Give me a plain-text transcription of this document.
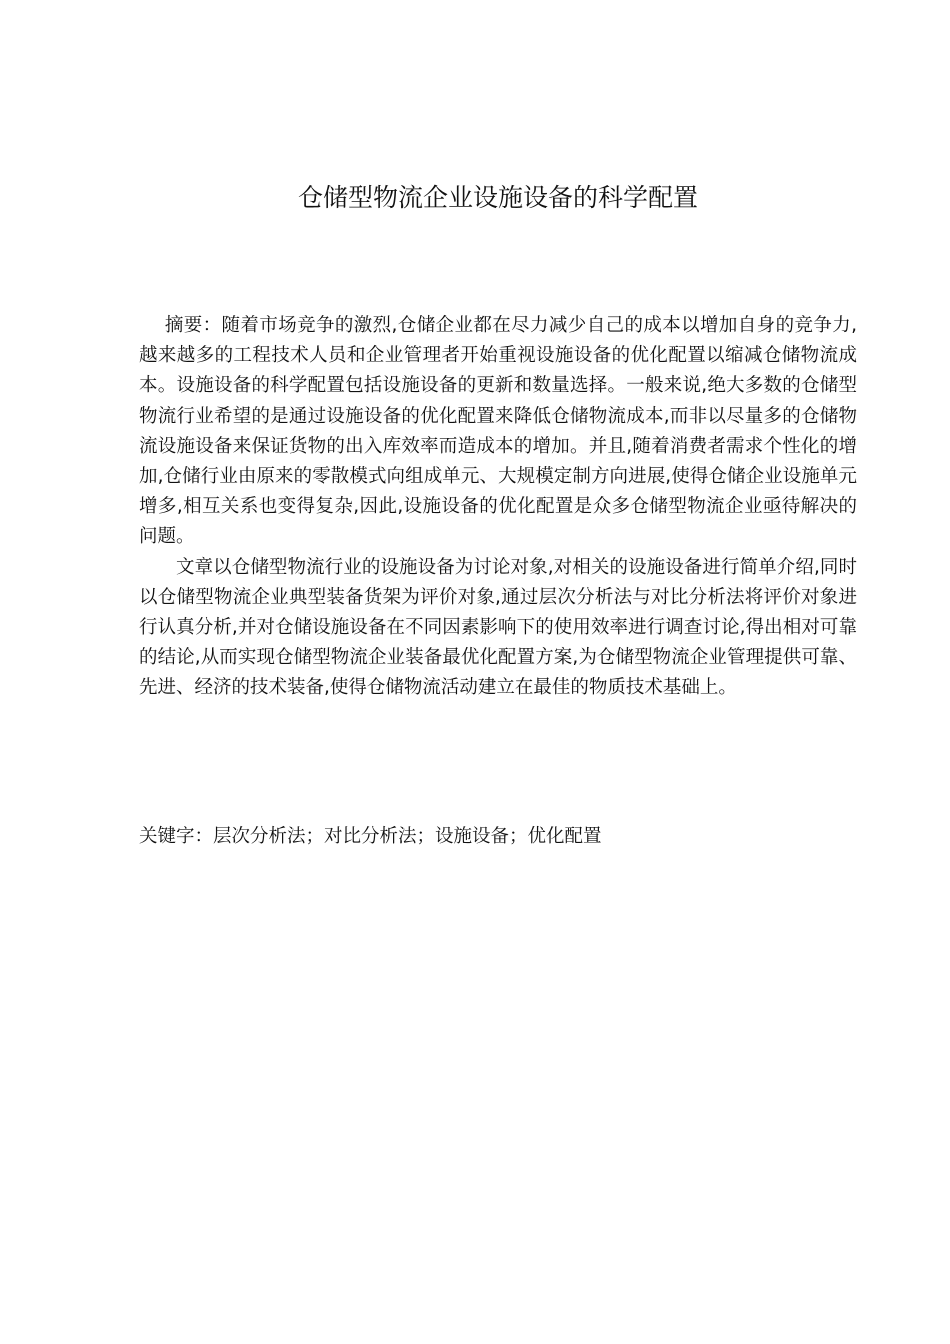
仓储型物流企业设施设备的科学配置

摘要：随着市场竞争的激烈,仓储企业都在尽力减少自己的成本以增加自身的竞争力,越来越多的工程技术人员和企业管理者开始重视设施设备的优化配置以缩减仓储物流成本。设施设备的科学配置包括设施设备的更新和数量选择。一般来说,绝大多数的仓储型物流行业希望的是通过设施设备的优化配置来降低仓储物流成本,而非以尽量多的仓储物流设施设备来保证货物的出入库效率而造成本的增加。并且,随着消费者需求个性化的增加,仓储行业由原来的零散模式向组成单元、大规模定制方向进展,使得仓储企业设施单元增多,相互关系也变得复杂,因此,设施设备的优化配置是众多仓储型物流企业亟待解决的问题。

文章以仓储型物流行业的设施设备为讨论对象,对相关的设施设备进行简单介绍,同时以仓储型物流企业典型装备货架为评价对象,通过层次分析法与对比分析法将评价对象进行认真分析,并对仓储设施设备在不同因素影响下的使用效率进行调查讨论,得出相对可靠的结论,从而实现仓储型物流企业装备最优化配置方案,为仓储型物流企业管理提供可靠、先进、经济的技术装备,使得仓储物流活动建立在最佳的物质技术基础上。

关键字：层次分析法；对比分析法；设施设备；优化配置
